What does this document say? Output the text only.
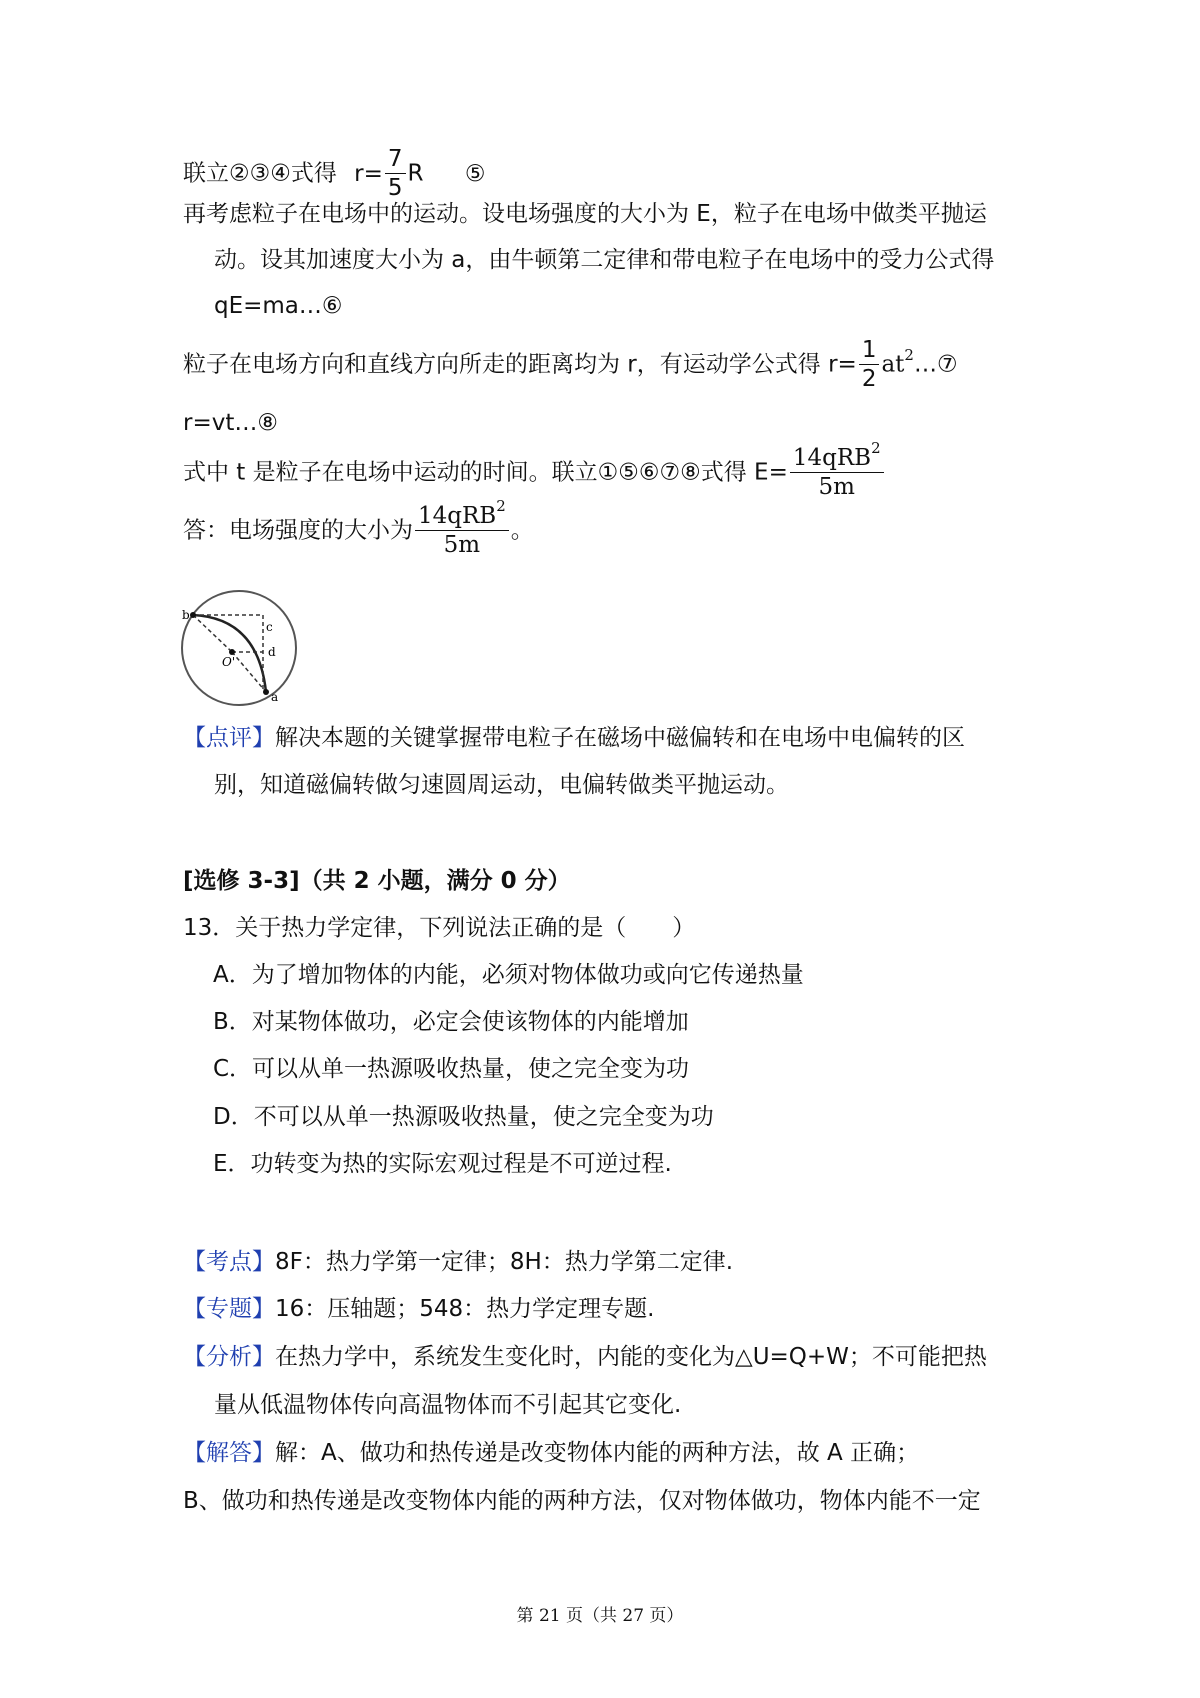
联立②③④式得 $r= \frac{7}{5}$ R ⑤
再考虑粒子在电场中的运动。设电场强度的大小为 E，粒子在电场中做类平抛运
动。设其加速度大小为 a，由牛顿第二定律和带电粒子在电场中的受力公式得
qE=ma…⑥
粒子在电场方向和直线方向所走的距离均为 r，有运动学公式得 $r= \frac{1}{2}$ $at^2\dots ⑦$
r=vt…⑧
式中 t 是粒子在电场中运动的时间。联立①⑤⑥⑦⑧式得 $E= \frac{14qRB^2}{5m}$
答：电场强度的大小为 $\frac{14qRB^2}{5m}$ 。
b
c
O'
d
a
【点评】解决本题的关键掌握带电粒子在磁场中磁偏转和在电场中电偏转的区
别，知道磁偏转做匀速圆周运动，电偏转做类平抛运动。
[选修 3-3]（共 2 小题，满分 0 分）
13．关于热力学定律，下列说法正确的是（　　）
A．为了增加物体的内能，必须对物体做功或向它传递热量
B．对某物体做功，必定会使该物体的内能增加
C．可以从单一热源吸收热量，使之完全变为功
D．不可以从单一热源吸收热量，使之完全变为功
E．功转变为热的实际宏观过程是不可逆过程.
【考点】8F：热力学第一定律；8H：热力学第二定律.
【专题】16：压轴题；548：热力学定理专题.
【分析】在热力学中，系统发生变化时，内能的变化为△U=Q+W；不可能把热
量从低温物体传向高温物体而不引起其它变化.
【解答】解：A、做功和热传递是改变物体内能的两种方法，故 A 正确；
B、做功和热传递是改变物体内能的两种方法，仅对物体做功，物体内能不一定
第 21 页（共 27 页）
